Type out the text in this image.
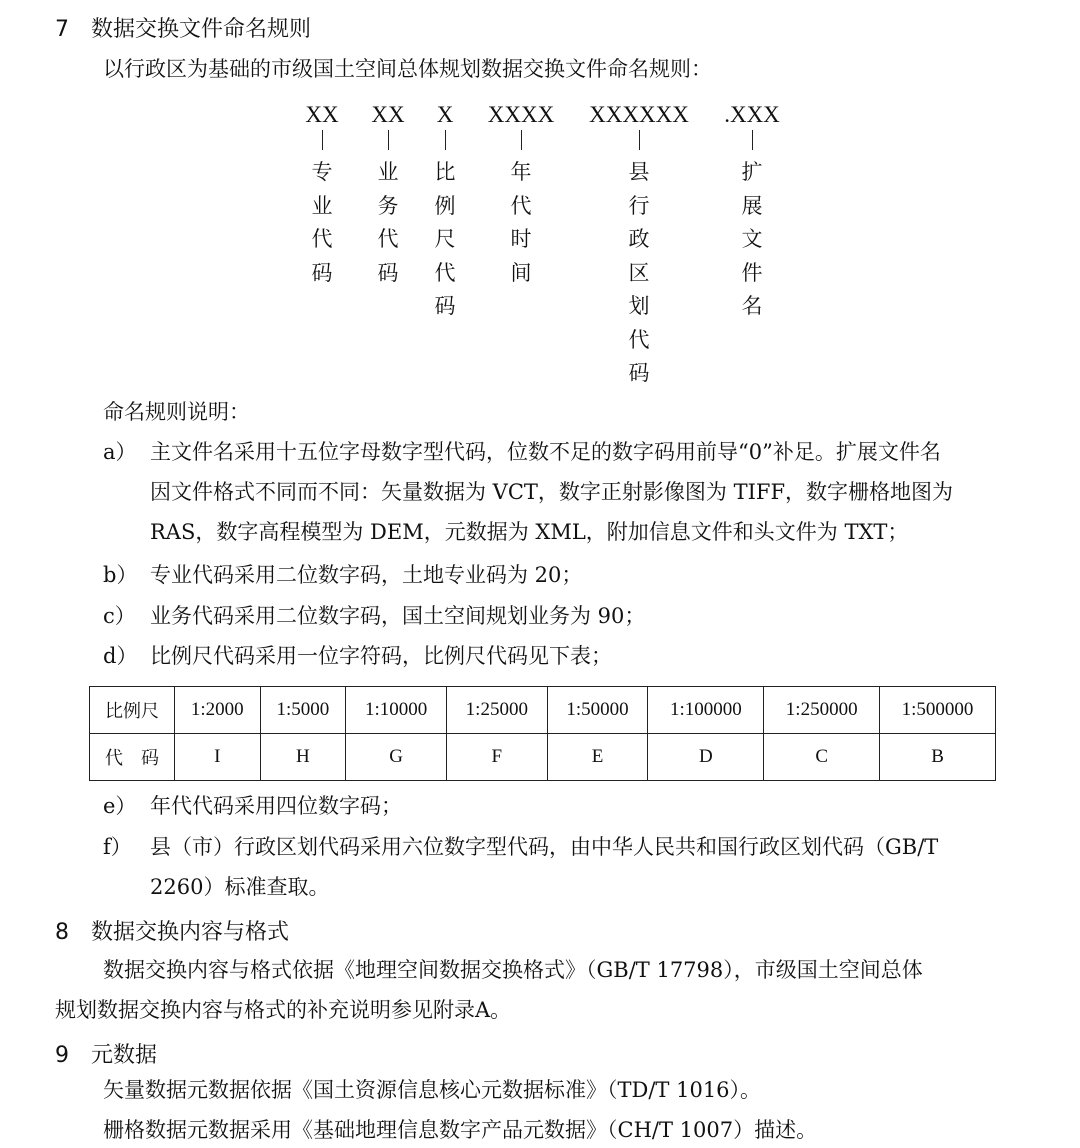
7 数据交换文件命名规则
以行政区为基础的市级国土空间总体规划数据交换文件命名规则：
XX
专
业
代
码
XX
业
务
代
码
X
比
例
尺
代
码
XXXX
年
代
时
间
XXXXXX
县
行
政
区
划
代
码
.XXX
扩
展
文
件
名
命名规则说明：
a） 主文件名采用十五位字母数字型代码，位数不足的数字码用前导“0”补足。扩展文件名
因文件格式不同而不同：矢量数据为 VCT，数字正射影像图为 TIFF，数字栅格地图为
RAS，数字高程模型为 DEM，元数据为 XML，附加信息文件和头文件为 TXT；
b） 专业代码采用二位数字码，土地专业码为 20；
c） 业务代码采用二位数字码，国土空间规划业务为 90；
d） 比例尺代码采用一位字符码，比例尺代码见下表；
比例尺	1:2000	1:5000	1:10000	1:25000	1:50000	1:100000	1:250000	1:500000
代　码	I	H	G	F	E	D	C	B
e） 年代代码采用四位数字码；
f） 县（市）行政区划代码采用六位数字型代码，由中华人民共和国行政区划代码（GB/T
2260）标准查取。
8 数据交换内容与格式
数据交换内容与格式依据《地理空间数据交换格式》（GB/T 17798），市级国土空间总体
规划数据交换内容与格式的补充说明参见附录A。
9 元数据
矢量数据元数据依据《国土资源信息核心元数据标准》（TD/T 1016）。
栅格数据元数据采用《基础地理信息数字产品元数据》（CH/T 1007）描述。
